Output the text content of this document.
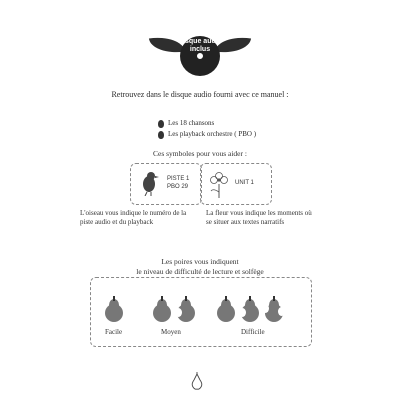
Disque audio
inclus
Retrouvez dans le disque audio fourni avec ce manuel :
Les 18 chansons
Les playback orchestre ( PBO )
Ces symboles pour vous aider :
PISTE 1
PBO 29
UNIT 1
L'oiseau vous indique le numéro de la piste audio et du playback
La fleur vous indique les moments où se situer aux textes narratifs
Les poires vous indiquent
le niveau de difficulté de lecture et solfège
Facile	Moyen	Difficile
